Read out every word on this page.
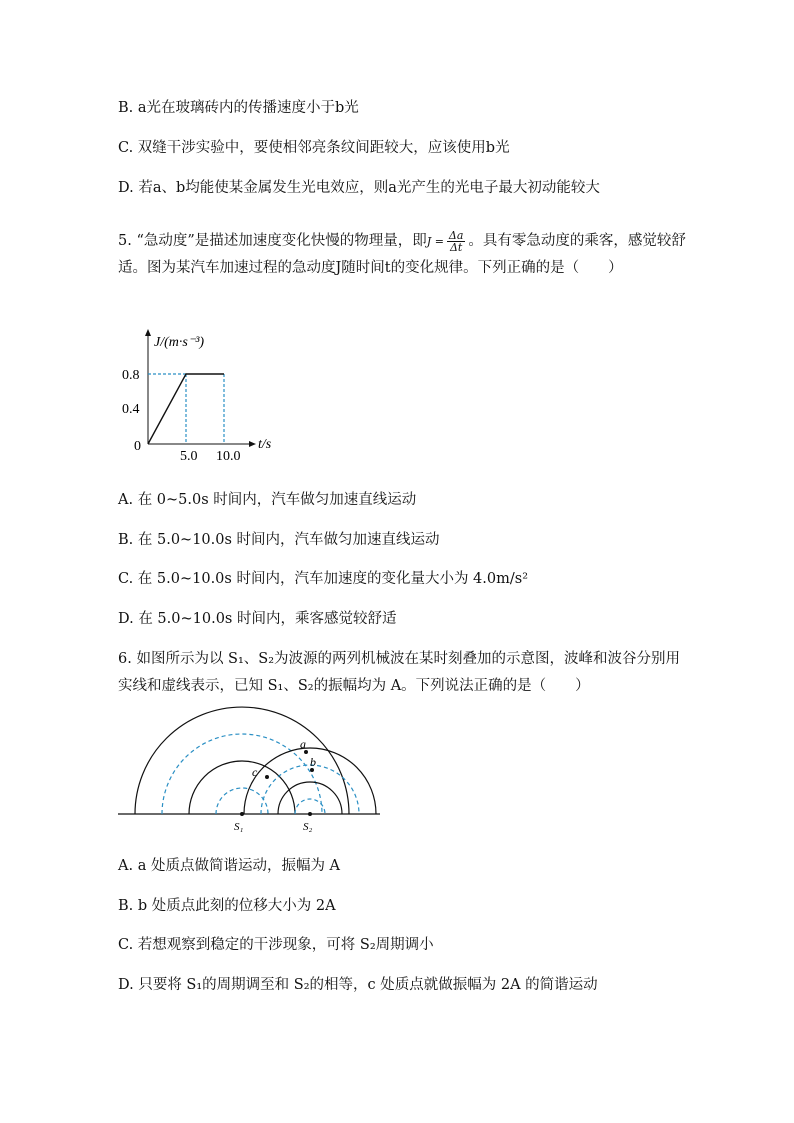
B. a光在玻璃砖内的传播速度小于b光
C. 双缝干涉实验中，要使相邻亮条纹间距较大，应该使用b光
D. 若a、b均能使某金属发生光电效应，则a光产生的光电子最大初动能较大
5. “急动度”是描述加速度变化快慢的物理量，即$J = \frac{\Delta a}{\Delta t}$ 。具有零急动度的乘客，感觉较舒适。图为某汽车加速过程的急动度J随时间t的变化规律。下列正确的是（　　）
J/(m·s⁻³)
t/s
0
0.8
0.4
5.0 10.0
A. 在 0~5.0s 时间内，汽车做匀加速直线运动
B. 在 5.0~10.0s 时间内，汽车做匀加速直线运动
C. 在 5.0~10.0s 时间内，汽车加速度的变化量大小为 4.0m/s²
D. 在 5.0~10.0s 时间内，乘客感觉较舒适
6. 如图所示为以 S₁、S₂为波源的两列机械波在某时刻叠加的示意图，波峰和波谷分别用实线和虚线表示，已知 S₁、S₂的振幅均为 A。下列说法正确的是（　　）
a
b
c
S₁	S₂
A. a 处质点做简谐运动，振幅为 A
B. b 处质点此刻的位移大小为 2A
C. 若想观察到稳定的干涉现象，可将 S₂周期调小
D. 只要将 S₁的周期调至和 S₂的相等，c 处质点就做振幅为 2A 的简谐运动
